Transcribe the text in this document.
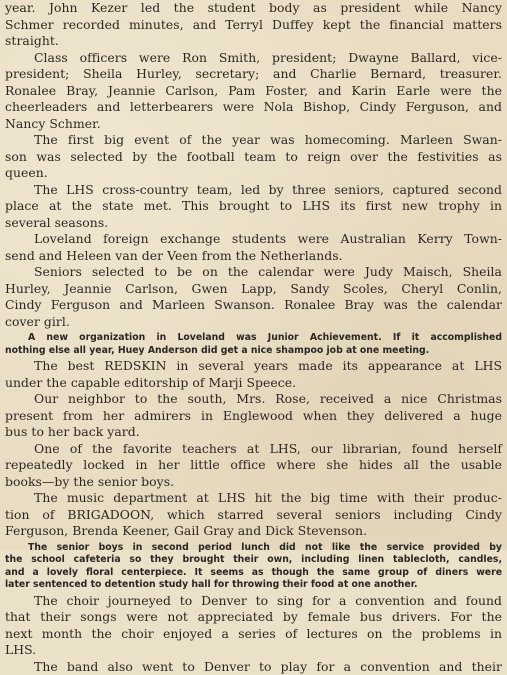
year. John Kezer led the student body as president while Nancy
Schmer recorded minutes, and Terryl Duffey kept the financial matters
straight.
Class officers were Ron Smith, president; Dwayne Ballard, vice-
president; Sheila Hurley, secretary; and Charlie Bernard, treasurer.
Ronalee Bray, Jeannie Carlson, Pam Foster, and Karin Earle were the
cheerleaders and letterbearers were Nola Bishop, Cindy Ferguson, and
Nancy Schmer.
The first big event of the year was homecoming. Marleen Swan-
son was selected by the football team to reign over the festivities as
queen.
The LHS cross-country team, led by three seniors, captured second
place at the state met. This brought to LHS its first new trophy in
several seasons.
Loveland foreign exchange students were Australian Kerry Town-
send and Heleen van der Veen from the Netherlands.
Seniors selected to be on the calendar were Judy Maisch, Sheila
Hurley, Jeannie Carlson, Gwen Lapp, Sandy Scoles, Cheryl Conlin,
Cindy Ferguson and Marleen Swanson. Ronalee Bray was the calendar
cover girl.
A new organization in Loveland was Junior Achievement. If it accomplished
nothing else all year, Huey Anderson did get a nice shampoo job at one meeting.
The best REDSKIN in several years made its appearance at LHS
under the capable editorship of Marji Speece.
Our neighbor to the south, Mrs. Rose, received a nice Christmas
present from her admirers in Englewood when they delivered a huge
bus to her back yard.
One of the favorite teachers at LHS, our librarian, found herself
repeatedly locked in her little office where she hides all the usable
books—by the senior boys.
The music department at LHS hit the big time with their produc-
tion of BRIGADOON, which starred several seniors including Cindy
Ferguson, Brenda Keener, Gail Gray and Dick Stevenson.
The senior boys in second period lunch did not like the service provided by
the school cafeteria so they brought their own, including linen tablecloth, candles,
and a lovely floral centerpiece. It seems as though the same group of diners were
later sentenced to detention study hall for throwing their food at one another.
The choir journeyed to Denver to sing for a convention and found
that their songs were not appreciated by female bus drivers. For the
next month the choir enjoyed a series of lectures on the problems in
LHS.
The band also went to Denver to play for a convention and their
